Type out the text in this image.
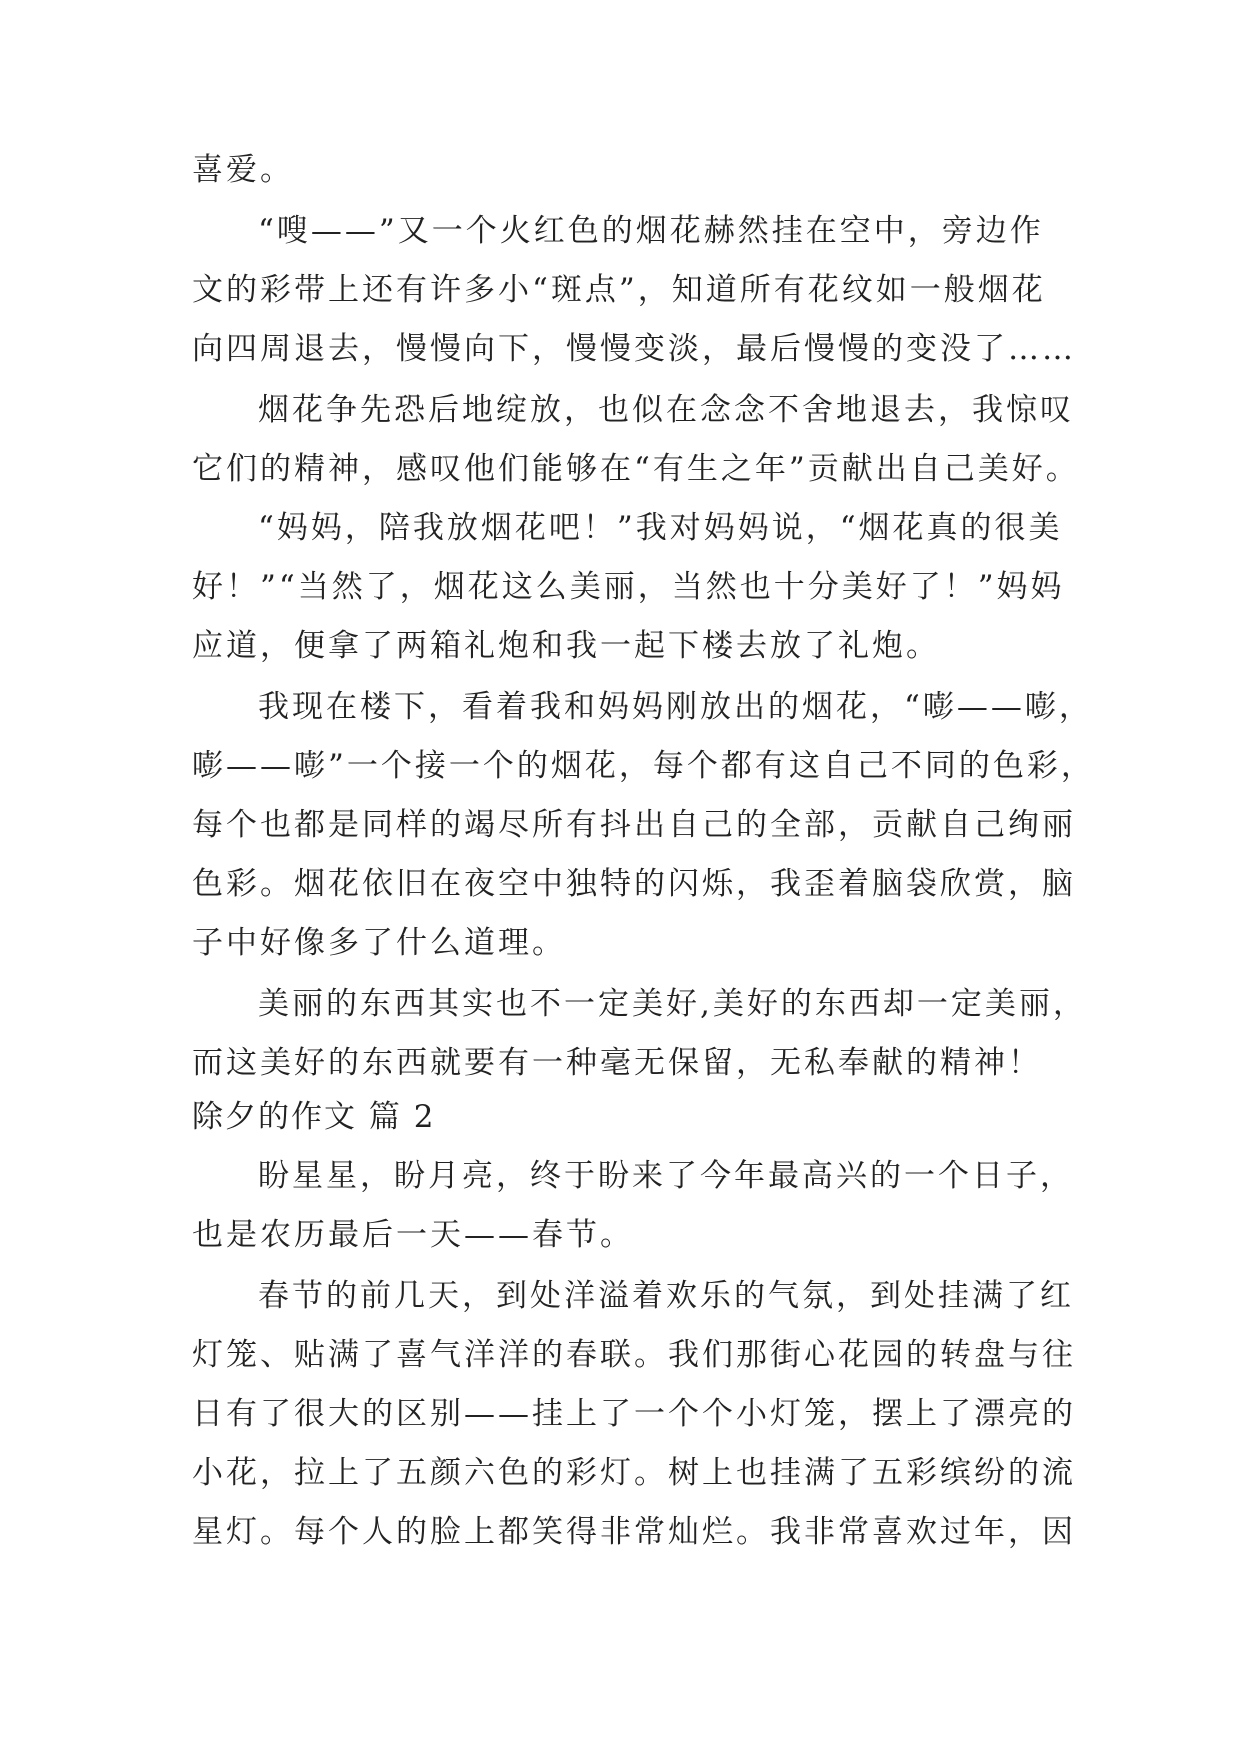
喜爱。
“嗖——”又一个火红色的烟花赫然挂在空中，旁边作
文的彩带上还有许多小“斑点”，知道所有花纹如一般烟花
向四周退去，慢慢向下，慢慢变淡，最后慢慢的变没了……
烟花争先恐后地绽放，也似在念念不舍地退去，我惊叹
它们的精神，感叹他们能够在“有生之年”贡献出自己美好。
“妈妈，陪我放烟花吧！”我对妈妈说，“烟花真的很美
好！”“当然了，烟花这么美丽，当然也十分美好了！”妈妈
应道，便拿了两箱礼炮和我一起下楼去放了礼炮。
我现在楼下，看着我和妈妈刚放出的烟花，“嘭——嘭，
嘭——嘭”一个接一个的烟花，每个都有这自己不同的色彩，
每个也都是同样的竭尽所有抖出自己的全部，贡献自己绚丽
色彩。烟花依旧在夜空中独特的闪烁，我歪着脑袋欣赏，脑
子中好像多了什么道理。
美丽的东西其实也不一定美好,美好的东西却一定美丽，
而这美好的东西就要有一种毫无保留，无私奉献的精神！
除夕的作文 篇 2
盼星星，盼月亮，终于盼来了今年最高兴的一个日子，
也是农历最后一天——春节。
春节的前几天，到处洋溢着欢乐的气氛，到处挂满了红
灯笼、贴满了喜气洋洋的春联。我们那街心花园的转盘与往
日有了很大的区别——挂上了一个个小灯笼，摆上了漂亮的
小花，拉上了五颜六色的彩灯。树上也挂满了五彩缤纷的流
星灯。每个人的脸上都笑得非常灿烂。我非常喜欢过年，因
